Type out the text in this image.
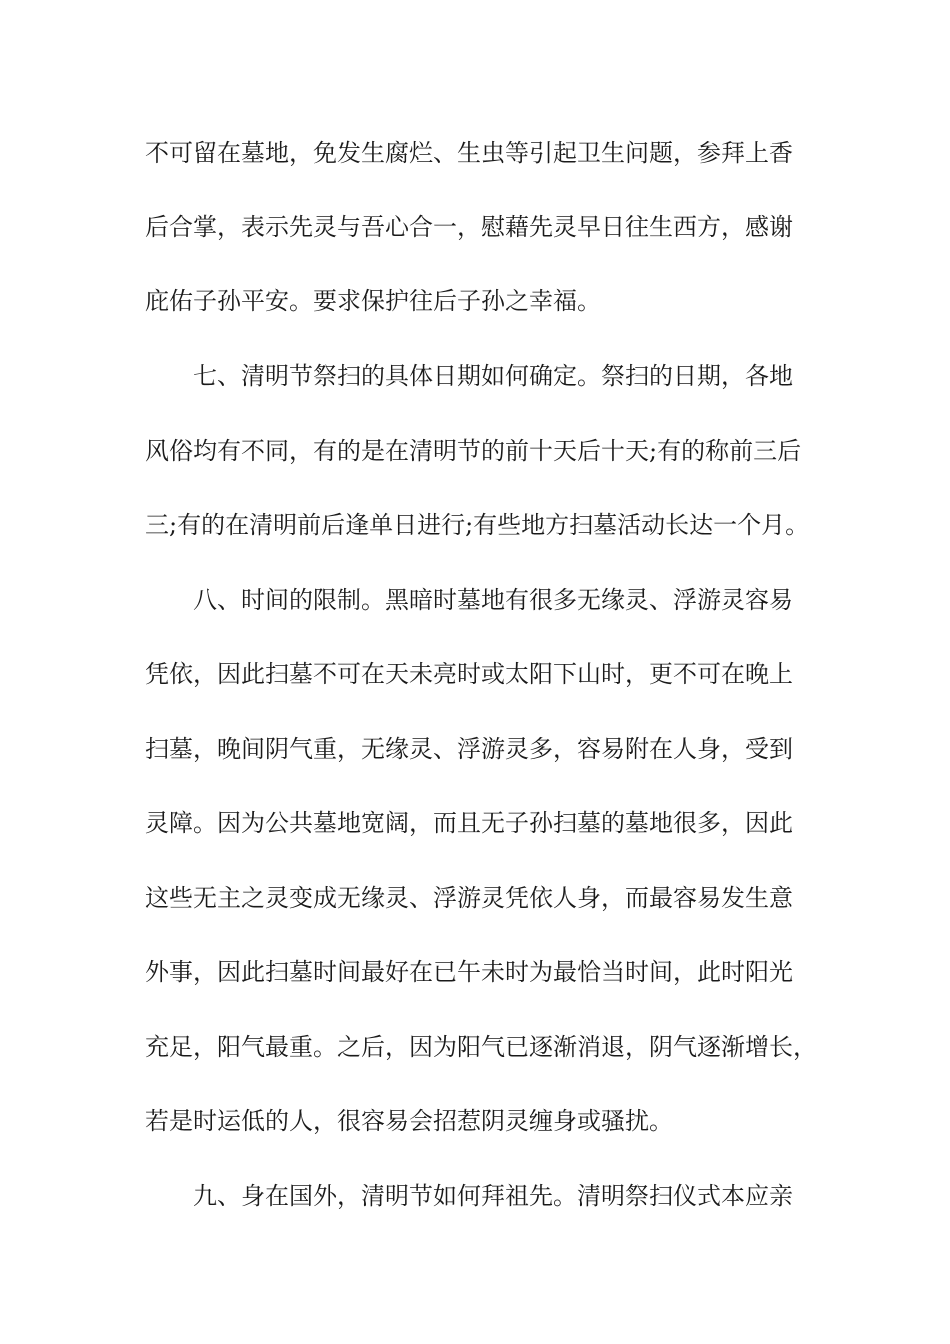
不可留在墓地，免发生腐烂、生虫等引起卫生问题，参拜上香
后合掌，表示先灵与吾心合一，慰藉先灵早日往生西方，感谢
庇佑子孙平安。要求保护往后子孙之幸福。
七、清明节祭扫的具体日期如何确定。祭扫的日期，各地
风俗均有不同，有的是在清明节的前十天后十天;有的称前三后
三;有的在清明前后逢单日进行;有些地方扫墓活动长达一个月。
八、时间的限制。黑暗时墓地有很多无缘灵、浮游灵容易
凭依，因此扫墓不可在天未亮时或太阳下山时，更不可在晚上
扫墓，晚间阴气重，无缘灵、浮游灵多，容易附在人身，受到
灵障。因为公共墓地宽阔，而且无子孙扫墓的墓地很多，因此
这些无主之灵变成无缘灵、浮游灵凭依人身，而最容易发生意
外事，因此扫墓时间最好在已午未时为最恰当时间，此时阳光
充足，阳气最重。之后，因为阳气已逐渐消退，阴气逐渐增长，
若是时运低的人，很容易会招惹阴灵缠身或骚扰。
九、身在国外，清明节如何拜祖先。清明祭扫仪式本应亲
